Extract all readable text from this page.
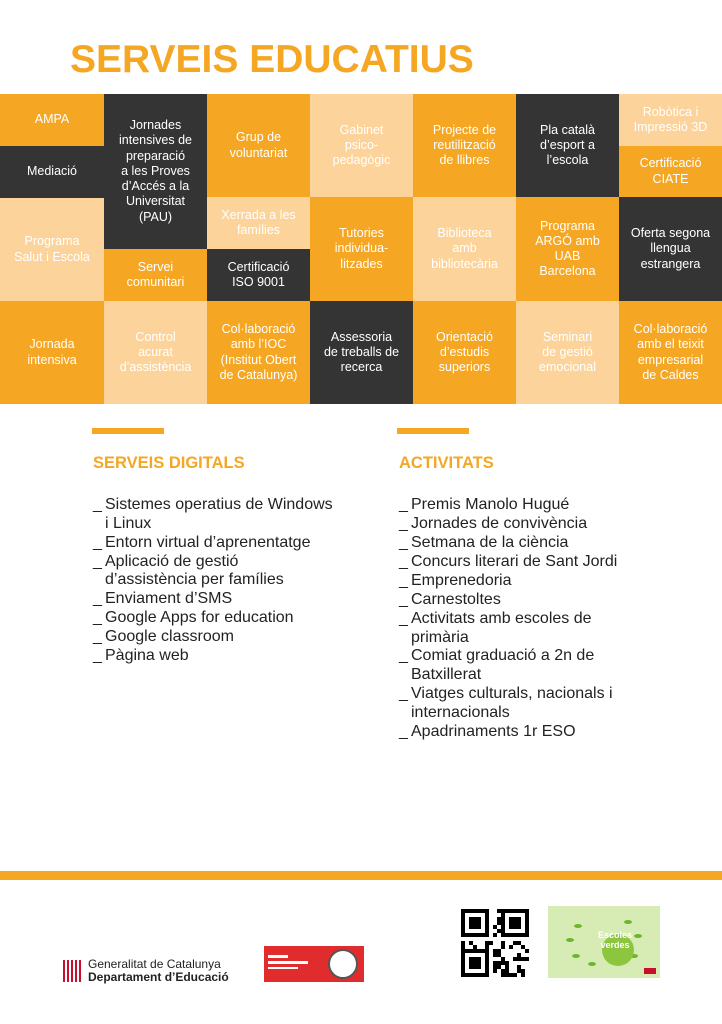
SERVEIS EDUCATIUS
AMPA
Mediació
Programa
Salut i Escola
Jornada
intensiva
Jornades
intensives de
preparació
a les Proves
d’Accés a la
Universitat
(PAU)
Servei
comunitari
Control
acurat
d’assistència
Grup de
voluntariat
Xerrada a les
famílies
Certificació
ISO 9001
Col·laboració
amb l’IOC
(Institut Obert
de Catalunya)
Gabinet
psico-
pedagògic
Tutories
individua-
litzades
Assessoria
de treballs de
recerca
Projecte de
reutilització
de llibres
Biblioteca
amb
bibliotecària
Orientació
d’estudis
superiors
Pla català
d’esport a
l’escola
Programa
ARGÓ amb
UAB
Barcelona
Seminari
de gestió
emocional
Robòtica i
Impressió 3D
Certificació
CIATE
Oferta segona
llengua
estrangera
Col·laboració
amb el teixit
empresarial
de Caldes
SERVEIS DIGITALS
_ Sistemes operatius de Windows
i Linux
_ Entorn virtual d’aprenentatge
_ Aplicació de gestió
d’assistència per famílies
_ Enviament d’SMS
_ Google Apps for education
_ Google classroom
_ Pàgina web
ACTIVITATS
_ Premis Manolo Hugué
_ Jornades de convivència
_ Setmana de la ciència
_ Concurs literari de Sant Jordi
_ Emprenedoria
_ Carnestoltes
_ Activitats amb escoles de
primària
_ Comiat graduació a 2n de
Batxillerat
_ Viatges culturals, nacionals i
internacionals
_ Apadrinaments 1r ESO
Generalitat de Catalunya
Departament d’Educació
Escoles
verdes
